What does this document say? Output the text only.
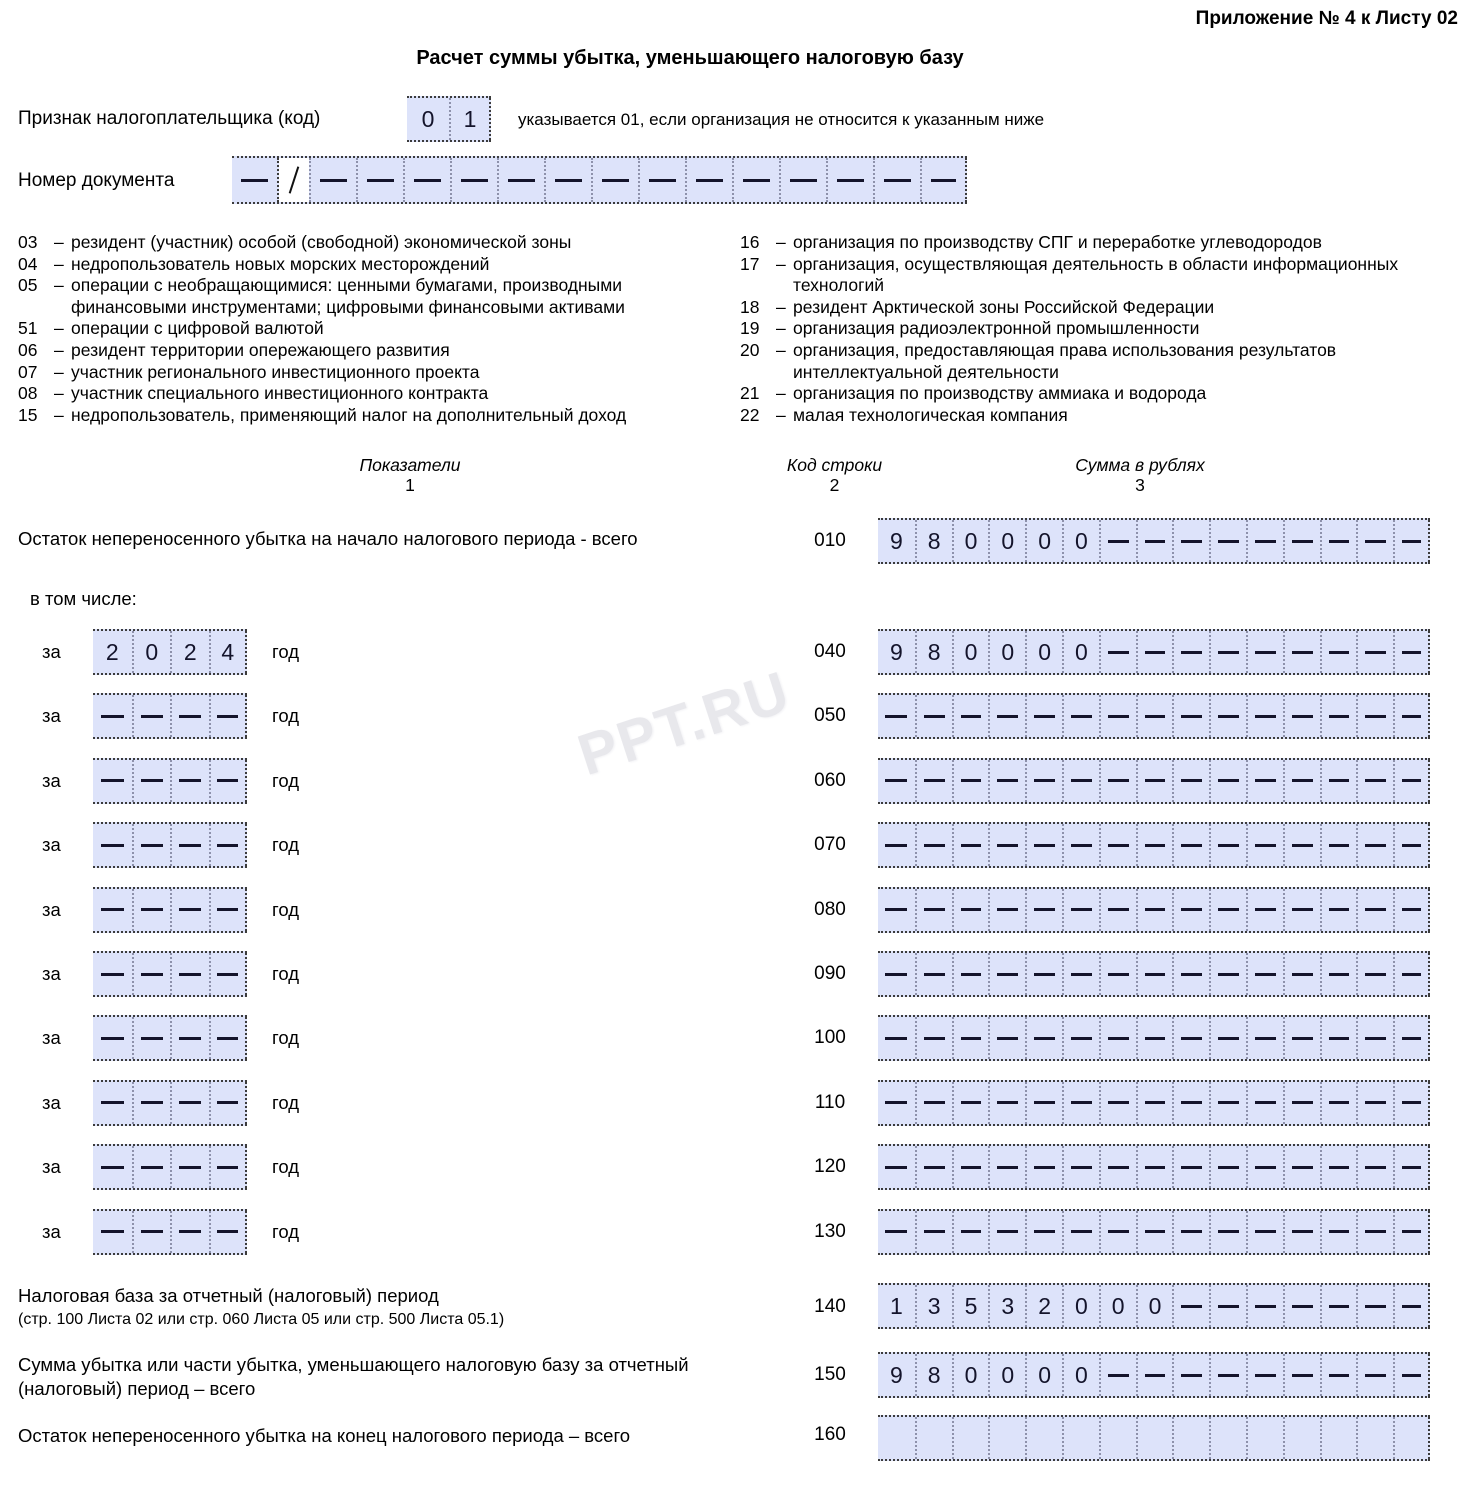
PPT.RU
Приложение № 4 к Листу 02
Расчет суммы убытка, уменьшающего налоговую базу
Признак налогоплательщика (код)	0	1	указывается 01, если организация не относится к указанным ниже
Номер документа
03 – резидент (участник) особой (свободной) экономической зоны
04 – недропользователь новых морских месторождений
05 – операции с необращающимися: ценными бумагами, производными финансовыми инструментами; цифровыми финансовыми активами
51 – операции с цифровой валютой
06 – резидент территории опережающего развития
07 – участник регионального инвестиционного проекта
08 – участник специального инвестиционного контракта
15 – недропользователь, применяющий налог на дополнительный доход
16 – организация по производству СПГ и переработке углеводородов
17 – организация, осуществляющая деятельность в области информационных технологий
18 – резидент Арктической зоны Российской Федерации
19 – организация радиоэлектронной промышленности
20 – организация, предоставляющая права использования результатов интеллектуальной деятельности
21 – организация по производству аммиака и водорода
22 – малая технологическая компания
Показатели
1
Код строки
2
Сумма в рублях
3
Остаток непереносенного убытка на начало налогового периода - всего	010	9	8	0	0	0	0
в том числе:
за	2	0	2	4	год	040	9	8	0	0	0	0
за	год	050
за	год	060
за	год	070
за	год	080
за	год	090
за	год	100
за	год	110
за	год	120
за	год	130
Налоговая база за отчетный (налоговый) период
(стр. 100 Листа 02 или стр. 060 Листа 05 или стр. 500 Листа 05.1)
140	1	3	5	3	2	0	0	0
Сумма убытка или части убытка, уменьшающего налоговую базу за отчетный (налоговый) период – всего
150	9	8	0	0	0	0
Остаток непереносенного убытка на конец налогового периода – всего	160
